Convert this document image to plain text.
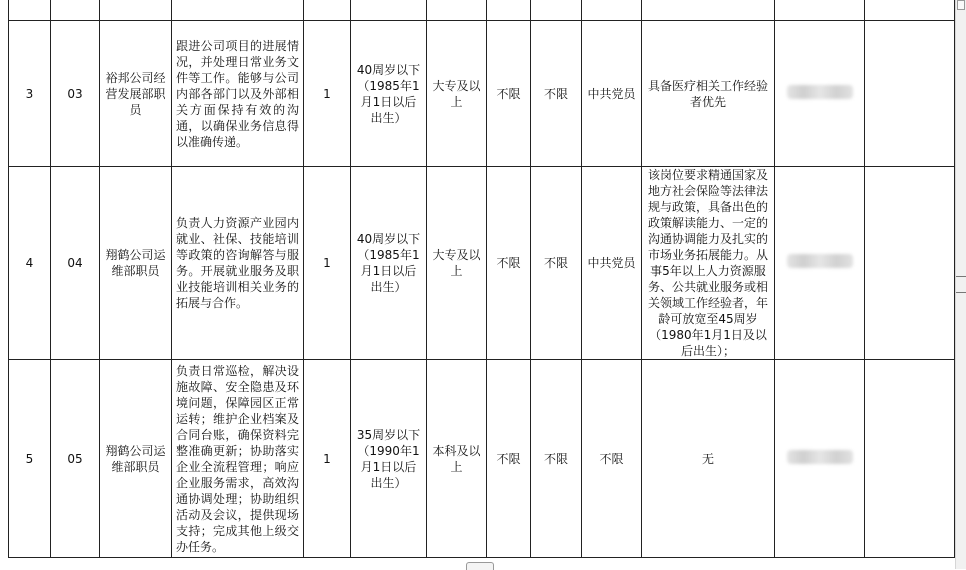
3	03	裕邦公司经营发展部职员	跟进公司项目的进展情况，并处理日常业务文件等工作。能够与公司内部各部门以及外部相关方面保持有效的沟通，以确保业务信息得以准确传递。	1	40周岁以下（1985年1月1日以后出生）	大专及以上	不限	不限	中共党员	具备医疗相关工作经验者优先		
4	04	翔鹤公司运维部职员	负责人力资源产业园内就业、社保、技能培训等政策的咨询解答与服务。开展就业服务及职业技能培训相关业务的拓展与合作。	1	40周岁以下（1985年1月1日以后出生）	大专及以上	不限	不限	中共党员	该岗位要求精通国家及地方社会保险等法律法规与政策，具备出色的政策解读能力、一定的沟通协调能力及扎实的市场业务拓展能力。从事5年以上人力资源服务、公共就业服务或相关领域工作经验者，年龄可放宽至45周岁（1980年1月1日及以后出生）；		
5	05	翔鹤公司运维部职员	负责日常巡检，解决设施故障、安全隐患及环境问题，保障园区正常运转；维护企业档案及合同台账，确保资料完整准确更新；协助落实企业全流程管理；响应企业服务需求，高效沟通协调处理；协助组织活动及会议，提供现场支持；完成其他上级交办任务。	1	35周岁以下（1990年1月1日以后出生）	本科及以上	不限	不限	不限	无		
